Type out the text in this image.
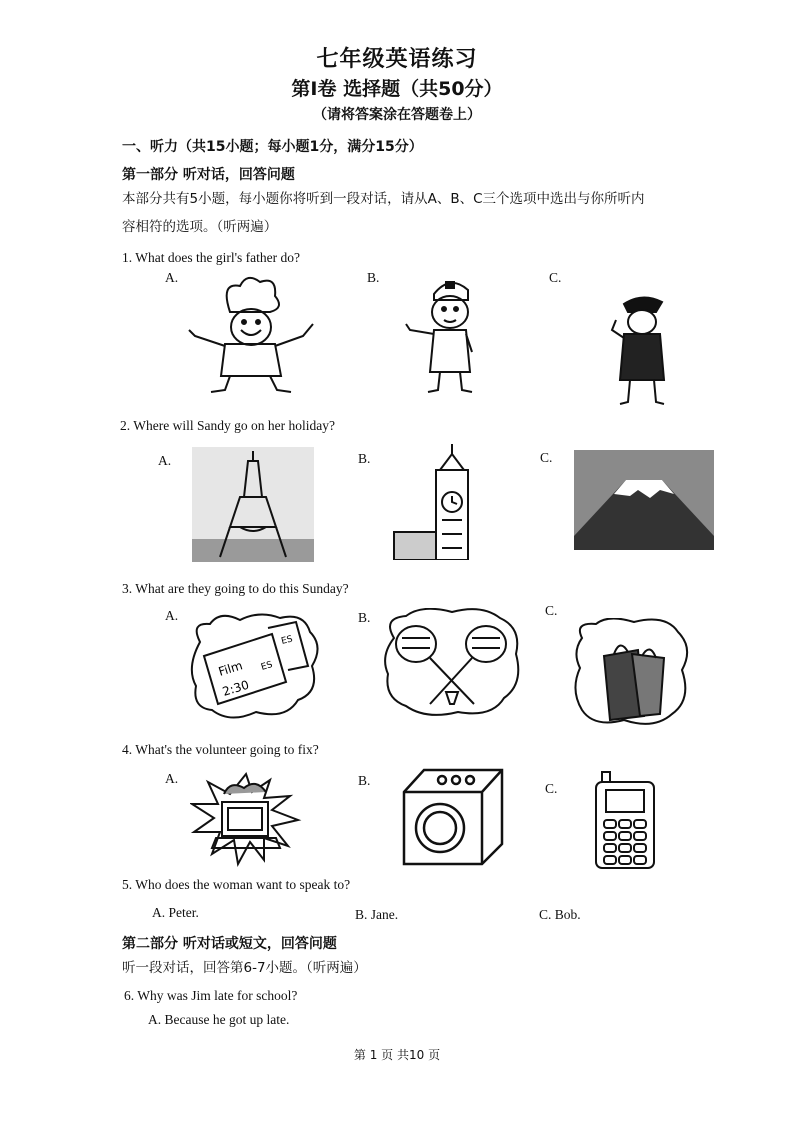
七年级英语练习
第I卷 选择题（共50分）
（请将答案涂在答题卷上）
一、听力（共15小题；每小题1分，满分15分）
第一部分 听对话，回答问题
本部分共有5小题，每小题你将听到一段对话，请从A、B、C三个选项中选出与你所听内
容相符的选项。（听两遍）
1. What does the girl's father do?
A.	B.	C.
2. Where will Sandy go on her holiday?
A.	B.	C.
3. What are they going to do this Sunday?
A.	B.	C.
Film
2:30
ES
ES
4. What's the volunteer going to fix?
A.	B.
C.
5. Who does the woman want to speak to?
A. Peter.	B. Jane.	C. Bob.
第二部分 听对话或短文，回答问题
听一段对话，回答第6-7小题。（听两遍）
6. Why was Jim late for school?
A. Because he got up late.
第 1 页 共10 页
